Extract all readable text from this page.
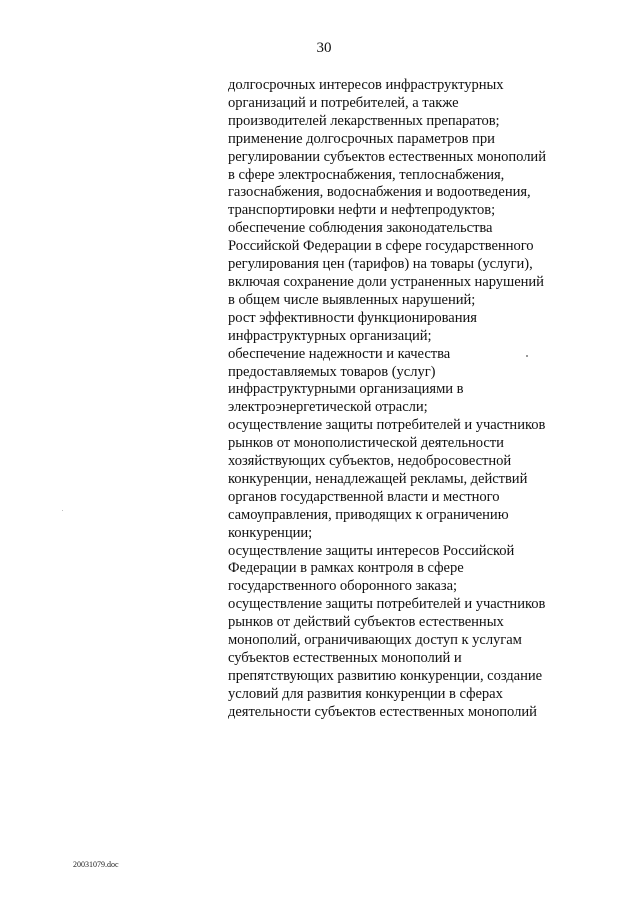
30
долгосрочных интересов инфраструктурных
организаций и потребителей, а также
производителей лекарственных препаратов;
применение долгосрочных параметров при
регулировании субъектов естественных монополий
в сфере электроснабжения, теплоснабжения,
газоснабжения, водоснабжения и водоотведения,
транспортировки нефти и нефтепродуктов;
обеспечение соблюдения законодательства
Российской Федерации в сфере государственного
регулирования цен (тарифов) на товары (услуги),
включая сохранение доли устраненных нарушений
в общем числе выявленных нарушений;
рост эффективности функционирования
инфраструктурных организаций;
обеспечение надежности и качества
предоставляемых товаров (услуг)
инфраструктурными организациями в
электроэнергетической отрасли;
осуществление защиты потребителей и участников
рынков от монополистической деятельности
хозяйствующих субъектов, недобросовестной
конкуренции, ненадлежащей рекламы, действий
органов государственной власти и местного
самоуправления, приводящих к ограничению
конкуренции;
осуществление защиты интересов Российской
Федерации в рамках контроля в сфере
государственного оборонного заказа;
осуществление защиты потребителей и участников
рынков от действий субъектов естественных
монополий, ограничивающих доступ к услугам
субъектов естественных монополий и
препятствующих развитию конкуренции, создание
условий для развития конкуренции в сферах
деятельности субъектов естественных монополий
20031079.doc
